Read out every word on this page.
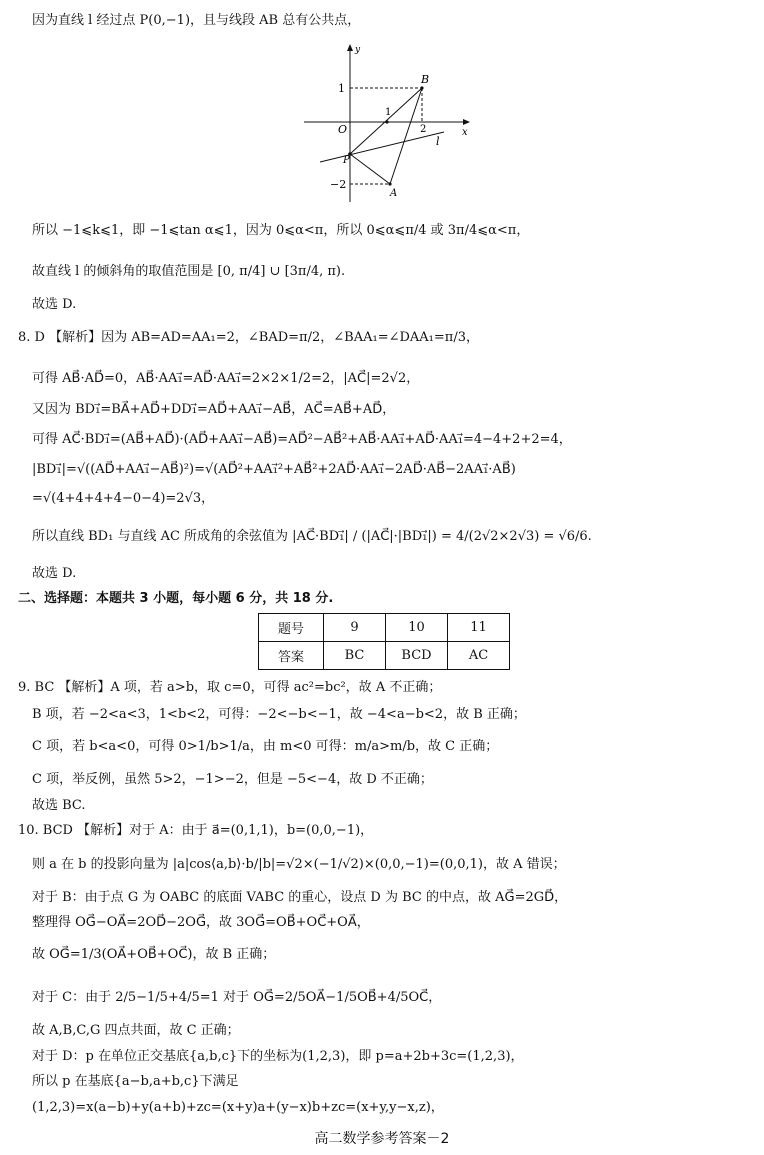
因为直线 l 经过点 P(0,−1)，且与线段 AB 总有公共点，
y
x
O
1
−2
1
2
B
P
A
l
所以 −1⩽k⩽1，即 −1⩽tan α⩽1，因为 0⩽α<π，所以 0⩽α⩽π/4 或 3π/4⩽α<π，
故直线 l 的倾斜角的取值范围是 [0, π/4] ∪ [3π/4, π).
故选 D.
8. D 【解析】因为 AB=AD=AA₁=2，∠BAD=π/2，∠BAA₁=∠DAA₁=π/3，
可得 AB⃗·AD⃗=0，AB⃗·AA₁⃗=AD⃗·AA₁⃗=2×2×1/2=2，|AC⃗|=2√2，
又因为 BD₁⃗=BA⃗+AD⃗+DD₁⃗=AD⃗+AA₁⃗−AB⃗，AC⃗=AB⃗+AD⃗，
可得 AC⃗·BD₁⃗=(AB⃗+AD⃗)·(AD⃗+AA₁⃗−AB⃗)=AD⃗²−AB⃗²+AB⃗·AA₁⃗+AD⃗·AA₁⃗=4−4+2+2=4，
|BD₁⃗|=√((AD⃗+AA₁⃗−AB⃗)²)=√(AD⃗²+AA₁⃗²+AB⃗²+2AD⃗·AA₁⃗−2AD⃗·AB⃗−2AA₁⃗·AB⃗)
=√(4+4+4+4−0−4)=2√3，
所以直线 BD₁ 与直线 AC 所成角的余弦值为 |AC⃗·BD₁⃗| / (|AC⃗|·|BD₁⃗|) = 4/(2√2×2√3) = √6/6.
故选 D.
二、选择题：本题共 3 小题，每小题 6 分，共 18 分.
题号	9	10	11
答案	BC	BCD	AC
9. BC 【解析】A 项，若 a>b，取 c=0，可得 ac²=bc²，故 A 不正确；
B 项，若 −2<a<3，1<b<2，可得：−2<−b<−1，故 −4<a−b<2，故 B 正确；
C 项，若 b<a<0，可得 0>1/b>1/a，由 m<0 可得：m/a>m/b，故 C 正确；
C 项，举反例，虽然 5>2，−1>−2，但是 −5<−4，故 D 不正确；
故选 BC.
10. BCD 【解析】对于 A：由于 a⃗=(0,1,1)，b=(0,0,−1)，
则 a 在 b 的投影向量为 |a|cos⟨a,b⟩·b/|b|=√2×(−1/√2)×(0,0,−1)=(0,0,1)，故 A 错误；
对于 B：由于点 G 为 OABC 的底面 VABC 的重心，设点 D 为 BC 的中点，故 AG⃗=2GD⃗，
整理得 OG⃗−OA⃗=2OD⃗−2OG⃗，故 3OG⃗=OB⃗+OC⃗+OA⃗，
故 OG⃗=1/3(OA⃗+OB⃗+OC⃗)，故 B 正确；
对于 C：由于 2/5−1/5+4/5=1 对于 OG⃗=2/5OA⃗−1/5OB⃗+4/5OC⃗，
故 A,B,C,G 四点共面，故 C 正确；
对于 D：p 在单位正交基底{a,b,c}下的坐标为(1,2,3)，即 p=a+2b+3c=(1,2,3)，
所以 p 在基底{a−b,a+b,c}下满足
(1,2,3)=x(a−b)+y(a+b)+zc=(x+y)a+(y−x)b+zc=(x+y,y−x,z)，
高二数学参考答案－2
